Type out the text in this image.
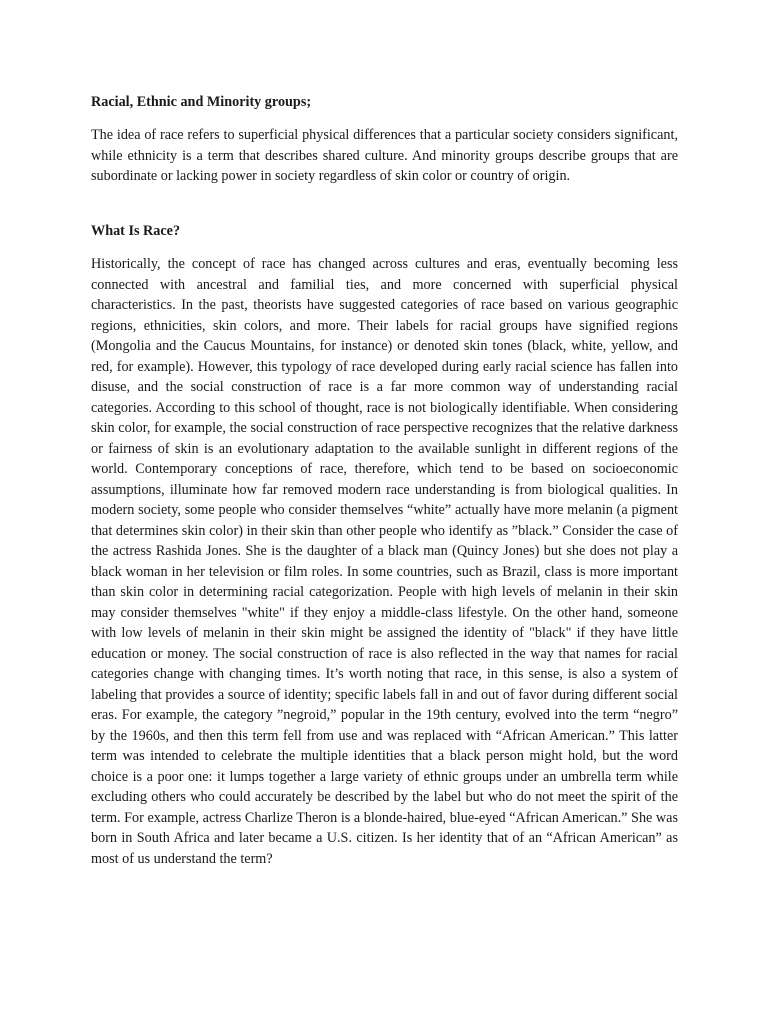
Racial, Ethnic and Minority groups;

The idea of race refers to superficial physical differences that a particular society considers significant, while ethnicity is a term that describes shared culture. And minority groups describe groups that are subordinate or lacking power in society regardless of skin color or country of origin.

What Is Race?

Historically, the concept of race has changed across cultures and eras, eventually becoming less connected with ancestral and familial ties, and more concerned with superficial physical characteristics. In the past, theorists have suggested categories of race based on various geographic regions, ethnicities, skin colors, and more. Their labels for racial groups have signified regions (Mongolia and the Caucus Mountains, for instance) or denoted skin tones (black, white, yellow, and red, for example). However, this typology of race developed during early racial science has fallen into disuse, and the social construction of race is a far more common way of understanding racial categories. According to this school of thought, race is not biologically identifiable. When considering skin color, for example, the social construction of race perspective recognizes that the relative darkness or fairness of skin is an evolutionary adaptation to the available sunlight in different regions of the world. Contemporary conceptions of race, therefore, which tend to be based on socioeconomic assumptions, illuminate how far removed modern race understanding is from biological qualities. In modern society, some people who consider themselves “white” actually have more melanin (a pigment that determines skin color) in their skin than other people who identify as ”black.” Consider the case of the actress Rashida Jones. She is the daughter of a black man (Quincy Jones) but she does not play a black woman in her television or film roles. In some countries, such as Brazil, class is more important than skin color in determining racial categorization. People with high levels of melanin in their skin may consider themselves "white" if they enjoy a middle-class lifestyle. On the other hand, someone with low levels of melanin in their skin might be assigned the identity of "black" if they have little education or money. The social construction of race is also reflected in the way that names for racial categories change with changing times. It’s worth noting that race, in this sense, is also a system of labeling that provides a source of identity; specific labels fall in and out of favor during different social eras. For example, the category ”negroid,” popular in the 19th century, evolved into the term “negro” by the 1960s, and then this term fell from use and was replaced with “African American.” This latter term was intended to celebrate the multiple identities that a black person might hold, but the word choice is a poor one: it lumps together a large variety of ethnic groups under an umbrella term while excluding others who could accurately be described by the label but who do not meet the spirit of the term. For example, actress Charlize Theron is a blonde-haired, blue-eyed “African American.” She was born in South Africa and later became a U.S. citizen. Is her identity that of an “African American” as most of us understand the term?
